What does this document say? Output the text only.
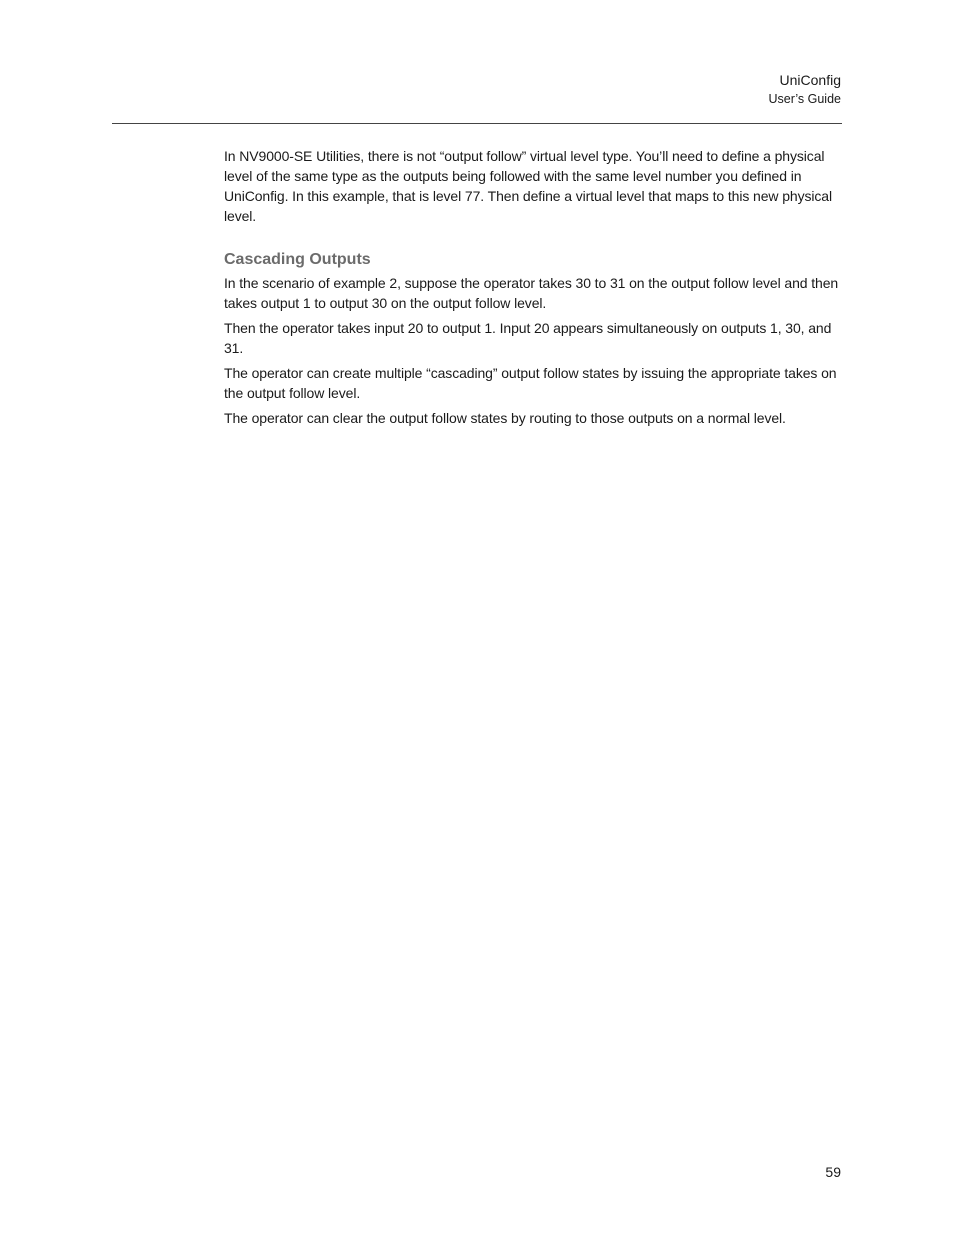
UniConfig
User’s Guide

In NV9000-SE Utilities, there is not “output follow” virtual level type. You’ll need to define a physical level of the same type as the outputs being followed with the same level number you defined in UniConfig. In this example, that is level 77. Then define a virtual level that maps to this new physical level.

Cascading Outputs

In the scenario of example 2, suppose the operator takes 30 to 31 on the output follow level and then takes output 1 to output 30 on the output follow level.

Then the operator takes input 20 to output 1. Input 20 appears simultaneously on outputs 1, 30, and 31.

The operator can create multiple “cascading” output follow states by issuing the appropriate takes on the output follow level.

The operator can clear the output follow states by routing to those outputs on a normal level.

59
